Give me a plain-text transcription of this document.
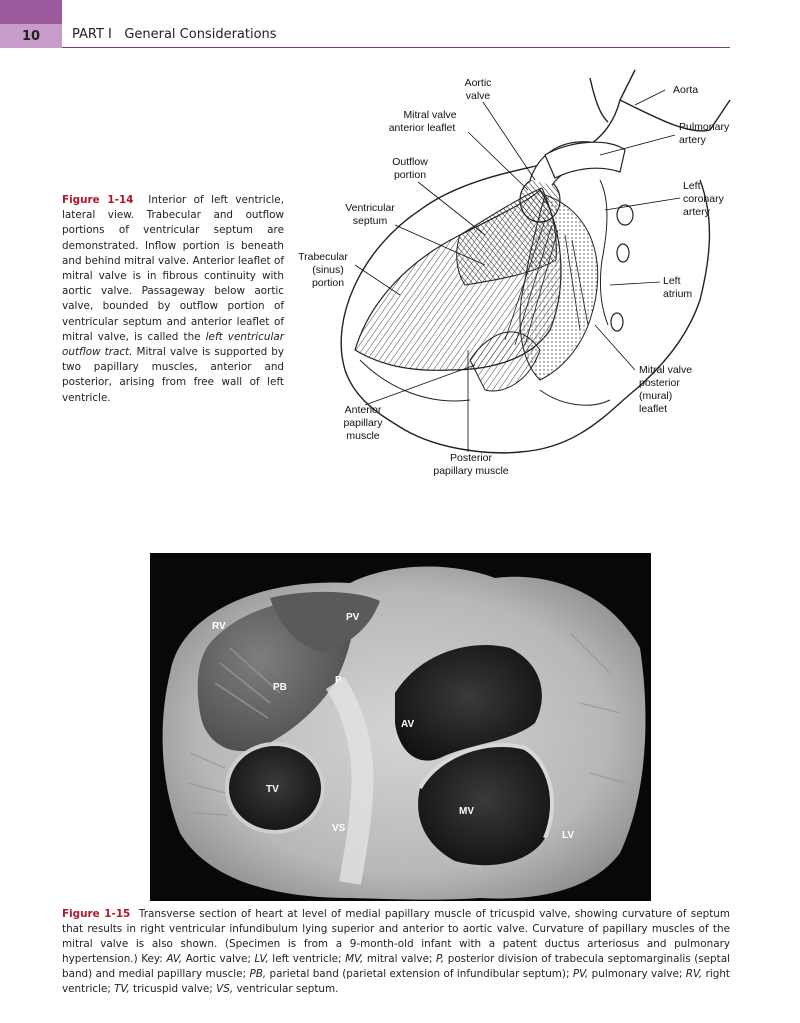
10	PART I General Considerations
Figure 1-14 Interior of left ventricle, lateral view. Trabecular and outflow portions of ventricular septum are demonstrated. Inflow portion is beneath and behind mitral valve. Anterior leaflet of mitral valve is in fibrous continuity with aortic valve. Passageway below aortic valve, bounded by outflow portion of ventricular septum and anterior leaflet of mitral valve, is called the left ventricular outflow tract. Mitral valve is supported by two papillary muscles, anterior and posterior, arising from free wall of left ventricle.
Aortic
valve
Mitral valve
anterior leaflet
Outflow
portion
Ventricular
septum
Trabecular
(sinus)
portion
Anterior
papillary
muscle
Posterior
papillary muscle
Aorta
Pulmonary
artery
Left
coronary
artery
Left
atrium
Mitral valve
posterior
(mural)
leaflet
RV
PV
PB
P
AV
TV
MV
VS
LV
Figure 1-15 Transverse section of heart at level of medial papillary muscle of tricuspid valve, showing curvature of septum that results in right ventricular infundibulum lying superior and anterior to aortic valve. Curvature of papillary muscles of the mitral valve is also shown. (Specimen is from a 9-month-old infant with a patent ductus arteriosus and pulmonary hypertension.) Key: AV, Aortic valve; LV, left ventricle; MV, mitral valve; P, posterior division of trabecula septomarginalis (septal band) and medial papillary muscle; PB, parietal band (parietal extension of infundibular septum); PV, pulmonary valve; RV, right ventricle; TV, tricuspid valve; VS, ventricular septum.
